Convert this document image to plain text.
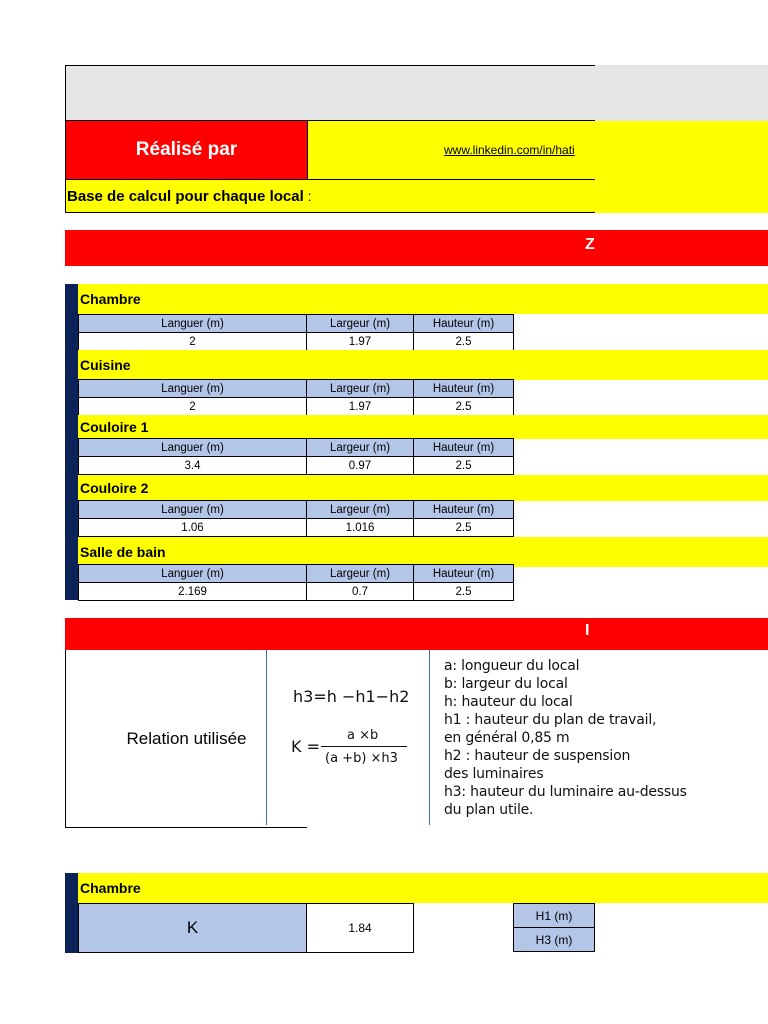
Réalisé par	www.linkedin.com/in/hati
Base de calcul pour chaque local :
Z
Chambre
Languer (m)	Largeur (m)	Hauteur (m)
2	1.97	2.5
Cuisine
Languer (m)	Largeur (m)	Hauteur (m)
2	1.97	2.5
Couloire 1
Languer (m)	Largeur (m)	Hauteur (m)
3.4	0.97	2.5
Couloire 2
Languer (m)	Largeur (m)	Hauteur (m)
1.06	1.016	2.5
Salle de bain
Languer (m)	Largeur (m)	Hauteur (m)
2.169	0.7	2.5
I
Relation utilisée
h3=h −h1−h2
K =
a ×b
(a +b) ×h3
a: longueur du local
b: largeur du local
h: hauteur du local
h1 : hauteur du plan de travail,
en général 0,85 m
h2 : hauteur de suspension
des luminaires
h3: hauteur du luminaire au-dessus
du plan utile.
Chambre
K	1.84
H1 (m)
H3 (m)
